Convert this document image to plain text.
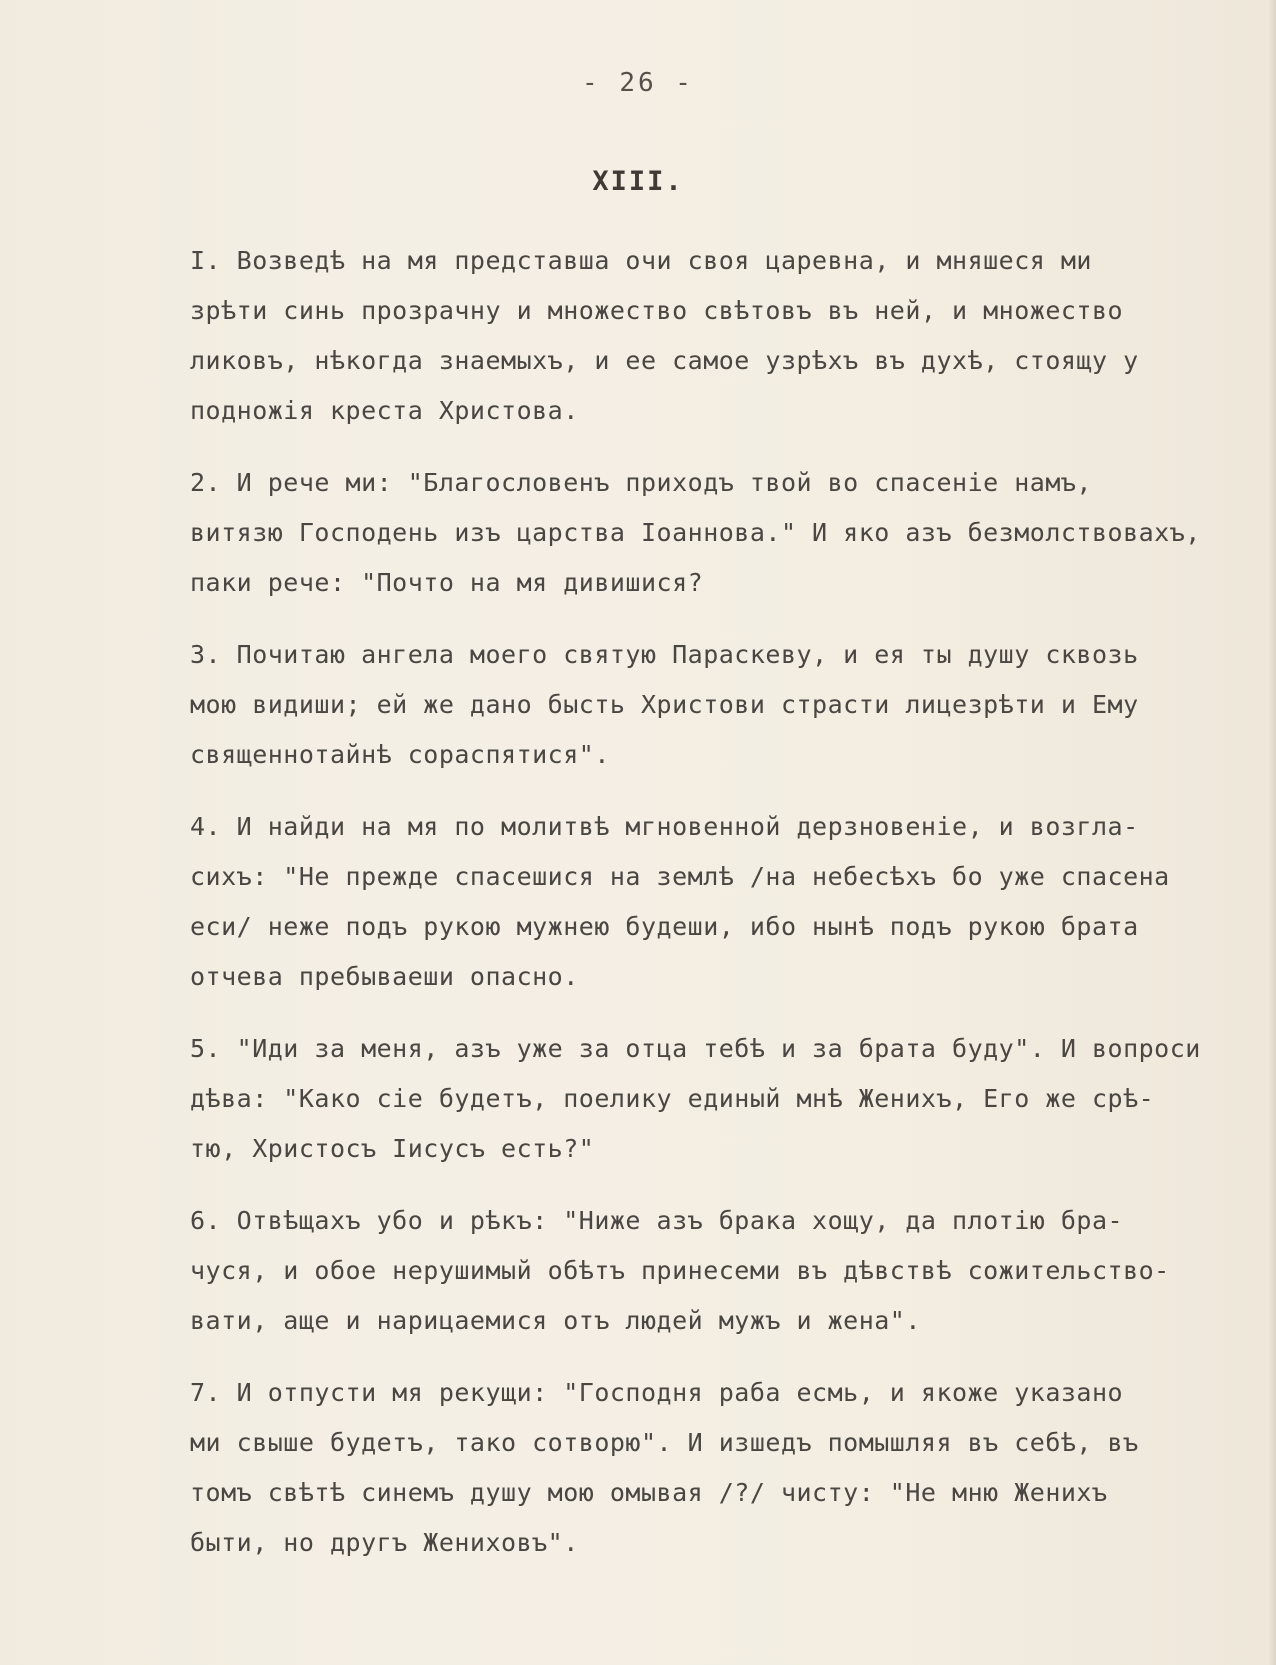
- 26 -
XIII.
I. Возведѣ на мя представша очи своя царевна, и мняшеся ми
зрѣти синь прозрачну и множество свѣтовъ въ ней, и множество
ликовъ, нѣкогда знаемыхъ, и ее самое узрѣхъ въ духѣ, стоящу у
подножія креста Христова.
2. И рече ми: "Благословенъ приходъ твой во спасеніе намъ,
витязю Господень изъ царства Іоаннова." И яко азъ безмолствовахъ,
паки рече: "Почто на мя дивишися?
3. Почитаю ангела моего святую Параскеву, и ея ты душу сквозь
мою видиши; ей же дано бысть Христови страсти лицезрѣти и Ему
священнотайнѣ сораспятися".
4. И найди на мя по молитвѣ мгновенной дерзновеніе, и возгла-
сихъ: "Не прежде спасешися на землѣ /на небесѣхъ бо уже спасена
еси/ неже подъ рукою мужнею будеши, ибо нынѣ подъ рукою брата
отчева пребываеши опасно.
5. "Иди за меня, азъ уже за отца тебѣ и за брата буду". И вопроси
дѣва: "Како сіе будетъ, поелику единый мнѣ Женихъ, Его же срѣ-
тю, Христосъ Іисусъ есть?"
6. Отвѣщахъ убо и рѣкъ: "Ниже азъ брака хощу, да плотію бра-
чуся, и обое нерушимый обѣтъ принесеми въ дѣвствѣ сожительство-
вати, аще и нарицаемися отъ людей мужъ и жена".
7. И отпусти мя рекущи: "Господня раба есмь, и якоже указано
ми свыше будетъ, тако сотворю". И изшедъ помышляя въ себѣ, въ
томъ свѣтѣ синемъ душу мою омывая /?/ чисту: "Не мню Женихъ
быти, но другъ Жениховъ".
